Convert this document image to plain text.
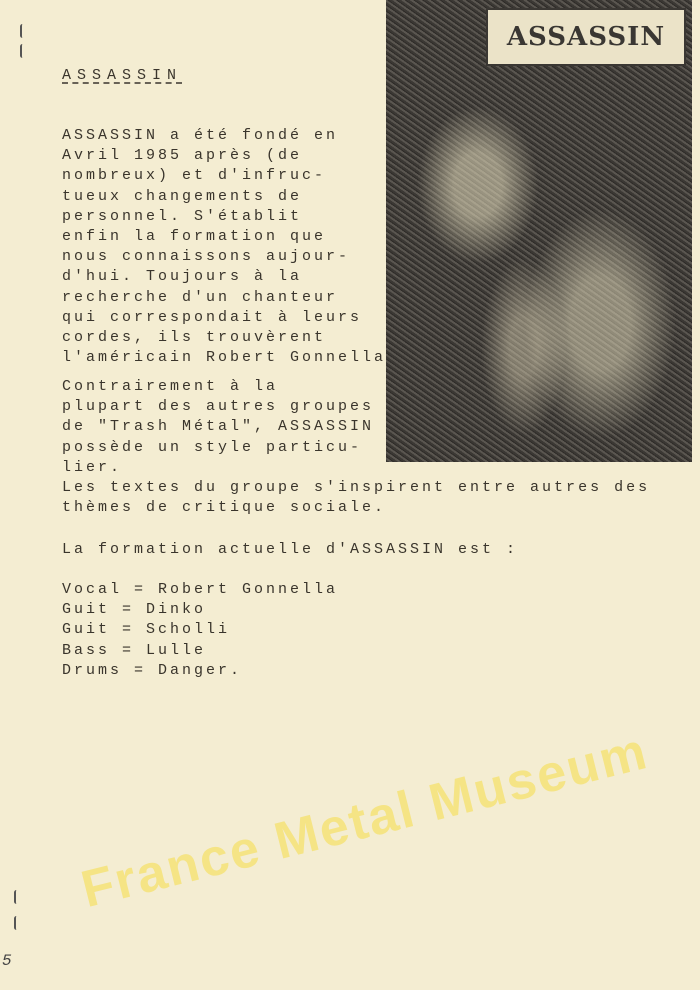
ASSASSIN
ASSASSIN
ASSASSIN a été fondé en
Avril 1985 après (de
nombreux) et d'infruc-
tueux changements de
personnel. S'établit
enfin la formation que
nous connaissons aujour-
d'hui. Toujours à la
recherche d'un chanteur
qui correspondait à leurs
cordes, ils trouvèrent
l'américain Robert Gonnella
Contrairement à la
plupart des autres groupes
de "Trash Métal", ASSASSIN
possède un style particu-
lier.
Les textes du groupe s'inspirent entre autres des
thèmes de critique sociale.
La formation actuelle d'ASSASSIN est :
Vocal = Robert Gonnella
Guit = Dinko
Guit = Scholli
Bass = Lulle
Drums = Danger.
France Metal Museum
5
